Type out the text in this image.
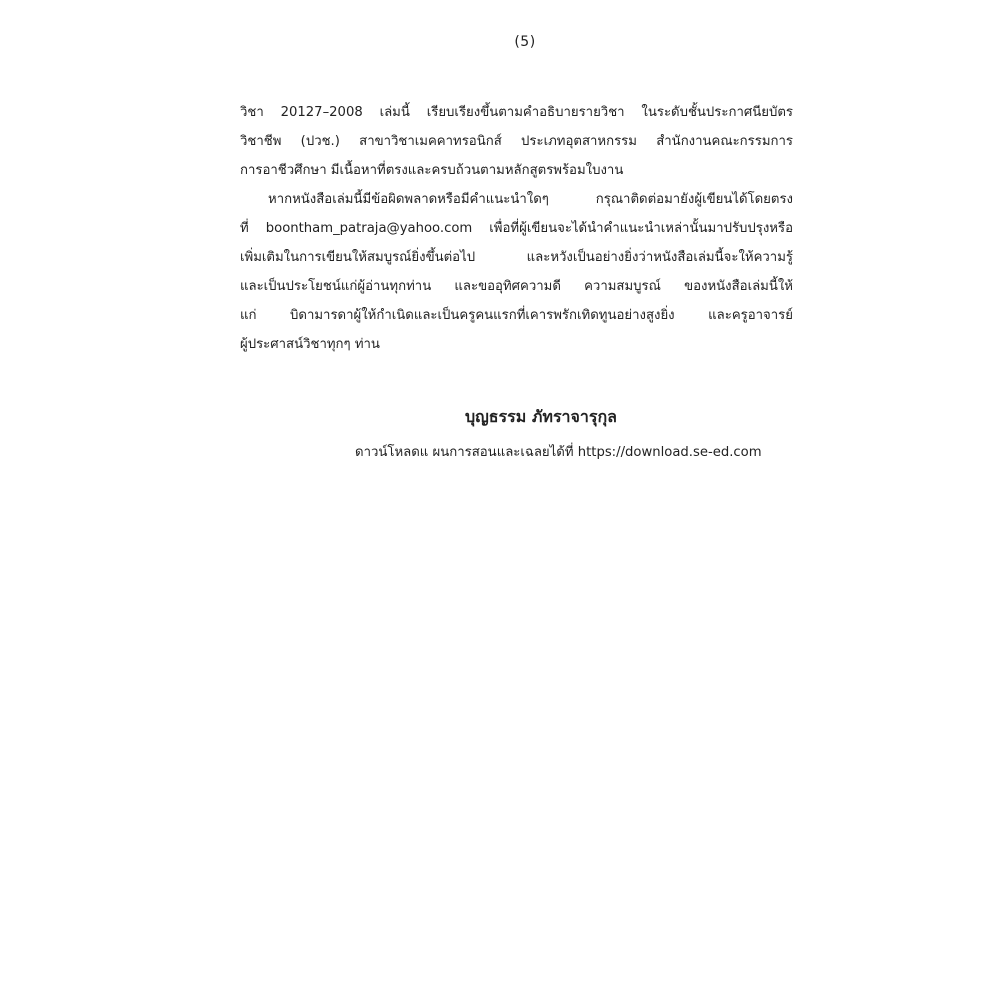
(5)

วิชา 20127–2008 เล่มนี้ เรียบเรียงขึ้นตามคำอธิบายรายวิชา ในระดับชั้นประกาศนียบัตร

วิชาชีพ (ปวช.) สาขาวิชาเมคคาทรอนิกส์ ประเภทอุตสาหกรรม สำนักงานคณะกรรมการ

การอาชีวศึกษา มีเนื้อหาที่ตรงและครบถ้วนตามหลักสูตรพร้อมใบงาน

หากหนังสือเล่มนี้มีข้อผิดพลาดหรือมีคำแนะนำใดๆ กรุณาติดต่อมายังผู้เขียนได้โดยตรง

ที่ boontham_patraja@yahoo.com เพื่อที่ผู้เขียนจะได้นำคำแนะนำเหล่านั้นมาปรับปรุงหรือ

เพิ่มเติมในการเขียนให้สมบูรณ์ยิ่งขึ้นต่อไป และหวังเป็นอย่างยิ่งว่าหนังสือเล่มนี้จะให้ความรู้

และเป็นประโยชน์แก่ผู้อ่านทุกท่าน และขออุทิศความดี ความสมบูรณ์ ของหนังสือเล่มนี้ให้

แก่ บิดามารดาผู้ให้กำเนิดและเป็นครูคนแรกที่เคารพรักเทิดทูนอย่างสูงยิ่ง และครูอาจารย์

ผู้ประศาสน์วิชาทุกๆ ท่าน

บุญธรรม ภัทราจารุกุล
ดาวน์โหลดแ ผนการสอนและเฉลยได้ที่ https://download.se-ed.com
